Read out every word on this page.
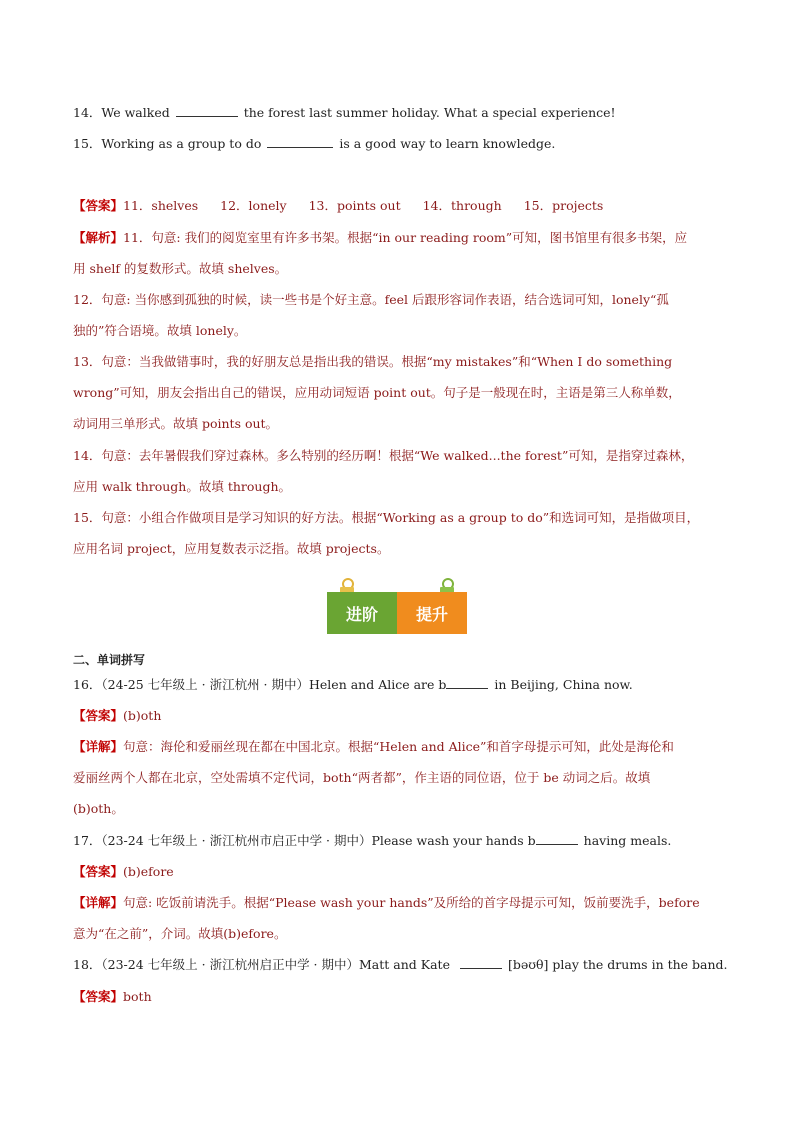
14．We walked	the forest last summer holiday. What a special experience!
15．Working as a group to do	is a good way to learn knowledge.
【答案】11．shelves 12．lonely 13．points out 14．through 15．projects
【解析】11．句意: 我们的阅览室里有许多书架。根据“in our reading room”可知，图书馆里有很多书架，应
用 shelf 的复数形式。故填 shelves。
12．句意: 当你感到孤独的时候，读一些书是个好主意。feel 后跟形容词作表语，结合选词可知，lonely“孤
独的”符合语境。故填 lonely。
13．句意：当我做错事时，我的好朋友总是指出我的错误。根据“my mistakes”和“When I do something
wrong”可知，朋友会指出自己的错误，应用动词短语 point out。句子是一般现在时，主语是第三人称单数，
动词用三单形式。故填 points out。
14．句意：去年暑假我们穿过森林。多么特别的经历啊！根据“We walked...the forest”可知，是指穿过森林，
应用 walk through。故填 through。
15．句意：小组合作做项目是学习知识的好方法。根据“Working as a group to do”和选词可知，是指做项目，
应用名词 project，应用复数表示泛指。故填 projects。
进阶	提升
二、单词拼写
16．（24-25 七年级上 · 浙江杭州 · 期中）Helen and Alice are b	in Beijing, China now.
【答案】(b)oth
【详解】句意：海伦和爱丽丝现在都在中国北京。根据“Helen and Alice”和首字母提示可知，此处是海伦和
爱丽丝两个人都在北京，空处需填不定代词，both“两者都”，作主语的同位语，位于 be 动词之后。故填
(b)oth。
17．（23-24 七年级上 · 浙江杭州市启正中学 · 期中）Please wash your hands b	having meals.
【答案】(b)efore
【详解】句意: 吃饭前请洗手。根据“Please wash your hands”及所给的首字母提示可知，饭前要洗手，before
意为“在之前”，介词。故填(b)efore。
18．（23-24 七年级上 · 浙江杭州启正中学 · 期中）Matt and Kate	[bəʊθ] play the drums in the band.
【答案】both
